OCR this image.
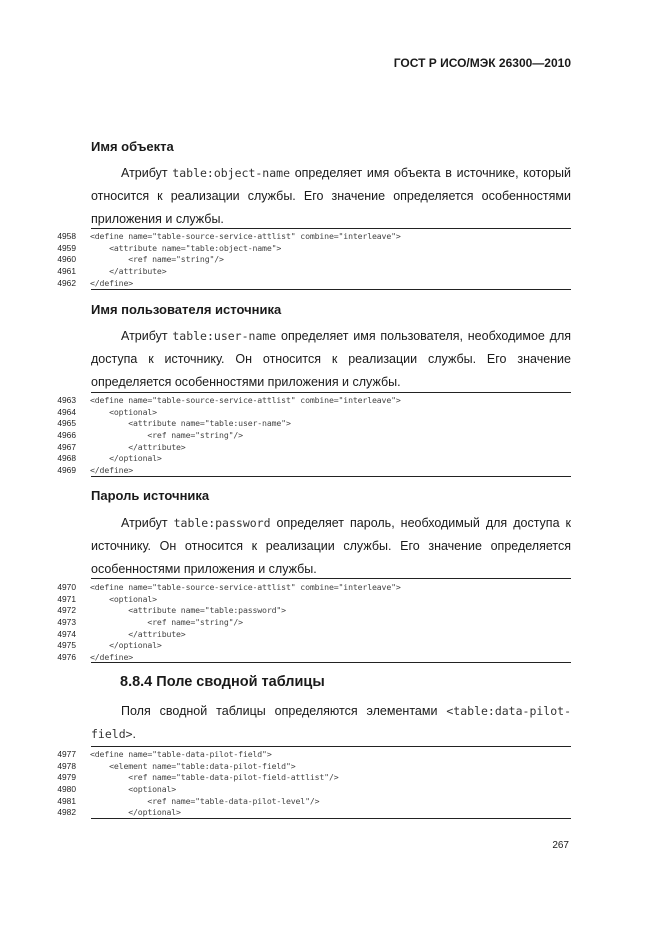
ГОСТ Р ИСО/МЭК 26300—2010
Имя объекта
Атрибут table:object-name определяет имя объекта в источнике, который
относится к реализации службы. Его значение определяется особенностями
приложения и службы.
4958 <define name="table-source-service-attlist" combine="interleave">
4959 <attribute name="table:object-name">
4960 <ref name="string"/>
4961 </attribute>
4962 </define>
Имя пользователя источника
Атрибут table:user-name определяет имя пользователя, необходимое для
доступа к источнику. Он относится к реализации службы. Его значение
определяется особенностями приложения и службы.
4963 <define name="table-source-service-attlist" combine="interleave">
4964 <optional>
4965 <attribute name="table:user-name">
4966 <ref name="string"/>
4967 </attribute>
4968 </optional>
4969 </define>
Пароль источника
Атрибут table:password определяет пароль, необходимый для доступа к
источнику. Он относится к реализации службы. Его значение определяется
особенностями приложения и службы.
4970 <define name="table-source-service-attlist" combine="interleave">
4971 <optional>
4972 <attribute name="table:password">
4973 <ref name="string"/>
4974 </attribute>
4975 </optional>
4976 </define>
8.8.4 Поле сводной таблицы
Поля сводной таблицы определяются элементами <table:data-pilot-
field>.
4977 <define name="table-data-pilot-field">
4978 <element name="table:data-pilot-field">
4979 <ref name="table-data-pilot-field-attlist"/>
4980 <optional>
4981 <ref name="table-data-pilot-level"/>
4982 </optional>
267
